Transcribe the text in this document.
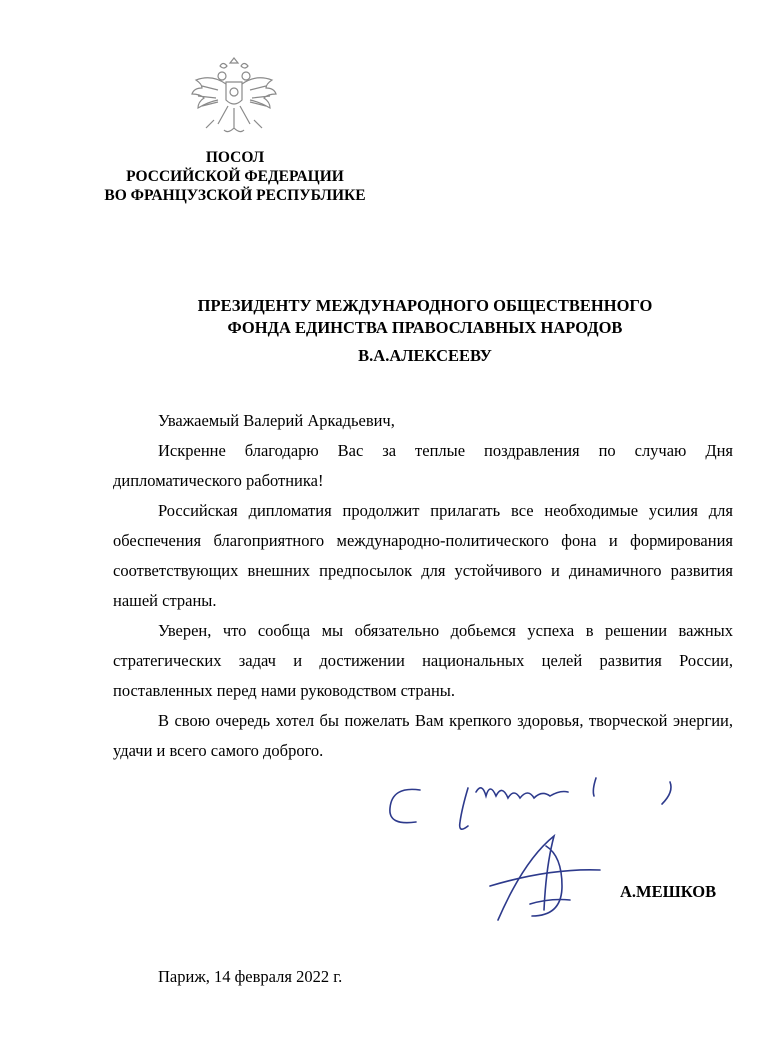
ПОСОЛ
РОССИЙСКОЙ ФЕДЕРАЦИИ
ВО ФРАНЦУЗСКОЙ РЕСПУБЛИКЕ
ПРЕЗИДЕНТУ МЕЖДУНАРОДНОГО ОБЩЕСТВЕННОГО
ФОНДА ЕДИНСТВА ПРАВОСЛАВНЫХ НАРОДОВ
В.А.АЛЕКСЕЕВУ

Уважаемый Валерий Аркадьевич,

Искренне благодарю Вас за теплые поздравления по случаю Дня дипломатического работника!

Российская дипломатия продолжит прилагать все необходимые усилия для обеспечения благоприятного международно-политического фона и формирования соответствующих внешних предпосылок для устойчивого и динамичного развития нашей страны.

Уверен, что сообща мы обязательно добьемся успеха в решении важных стратегических задач и достижении национальных целей развития России, поставленных перед нами руководством страны.

В свою очередь хотел бы пожелать Вам крепкого здоровья, творческой энергии, удачи и всего самого доброго.

А.МЕШКОВ
Париж, 14 февраля 2022 г.
